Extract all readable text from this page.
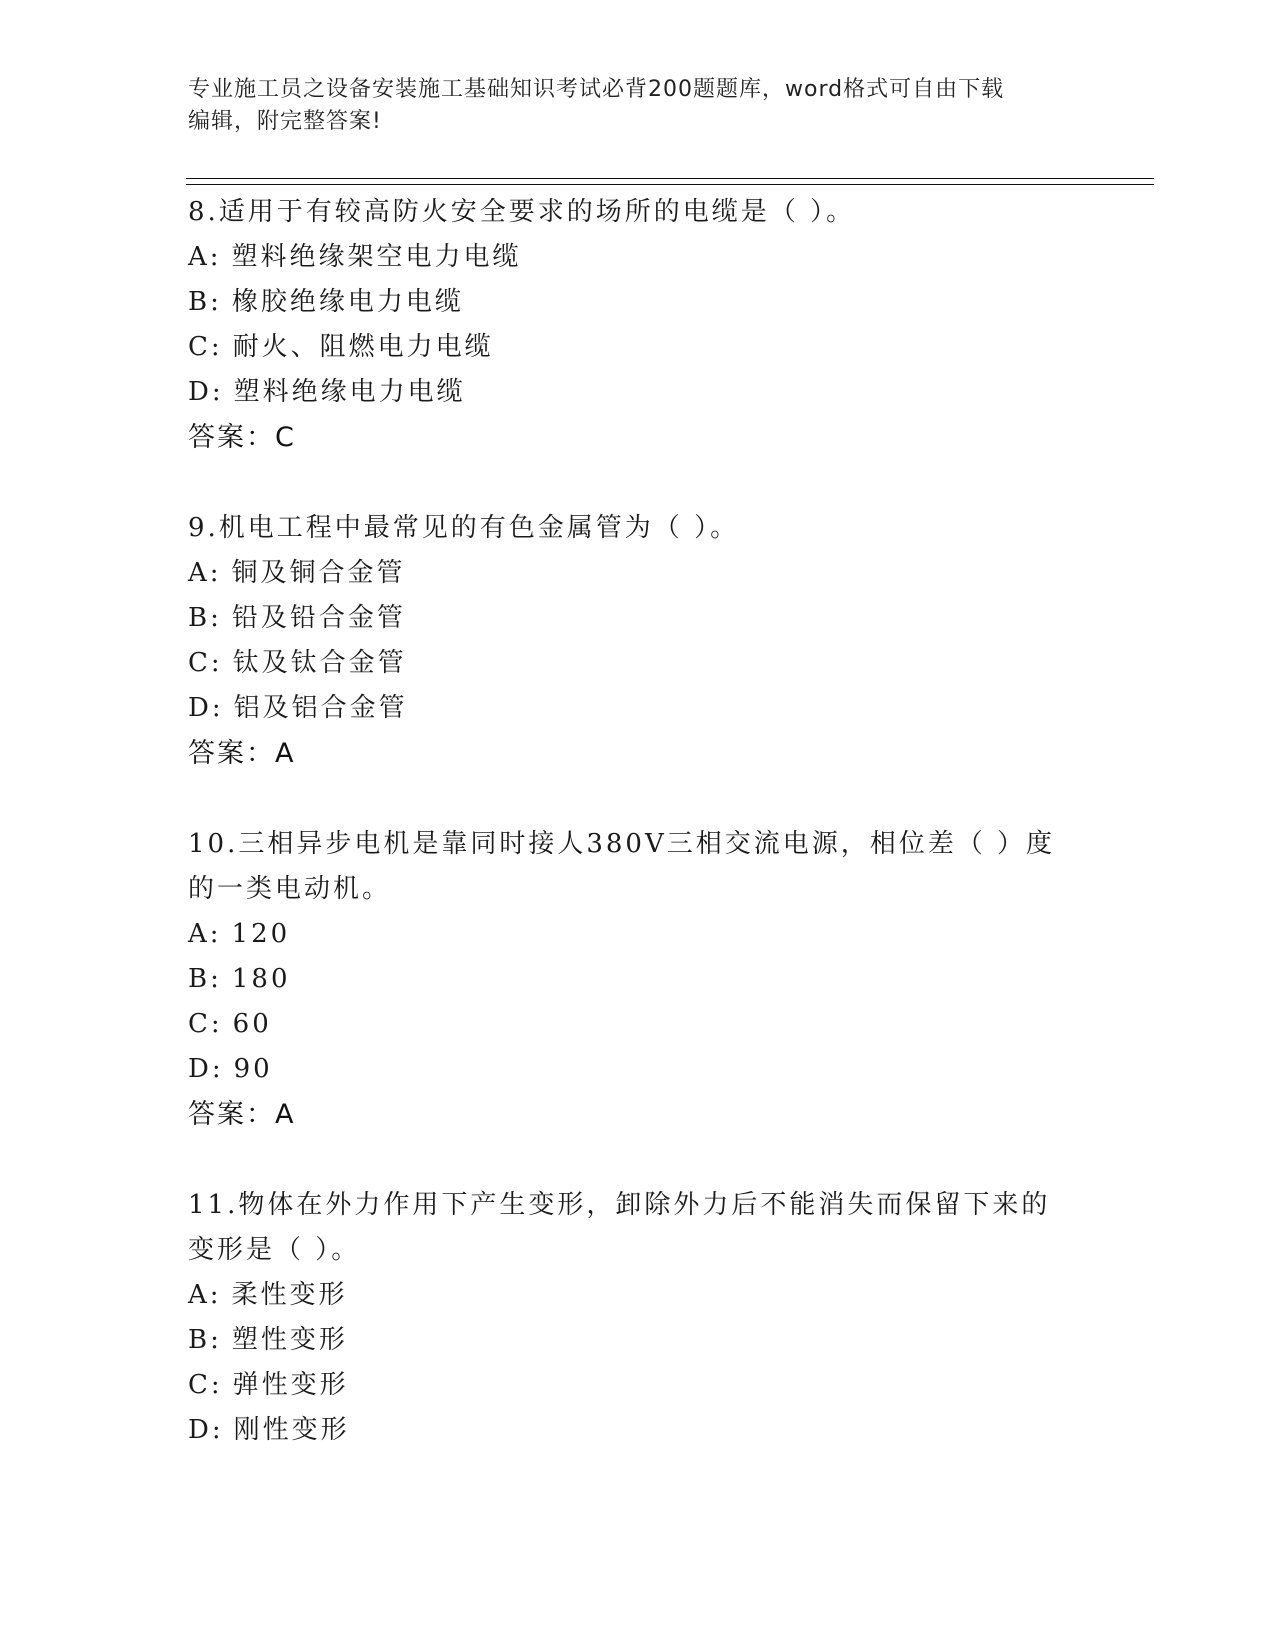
专业施工员之设备安装施工基础知识考试必背200题题库，word格式可自由下载
编辑，附完整答案!
8.适用于有较高防火安全要求的场所的电缆是（ ）。
A: 塑料绝缘架空电力电缆
B: 橡胶绝缘电力电缆
C: 耐火、阻燃电力电缆
D: 塑料绝缘电力电缆
答案：C
9.机电工程中最常见的有色金属管为（ ）。
A: 铜及铜合金管
B: 铅及铅合金管
C: 钛及钛合金管
D: 铝及铝合金管
答案：A
10.三相异步电机是靠同时接人380V三相交流电源，相位差（ ）度的一类电动机。
A: 120
B: 180
C: 60
D: 90
答案：A
11.物体在外力作用下产生变形，卸除外力后不能消失而保留下来的变形是（ ）。
A: 柔性变形
B: 塑性变形
C: 弹性变形
D: 刚性变形
